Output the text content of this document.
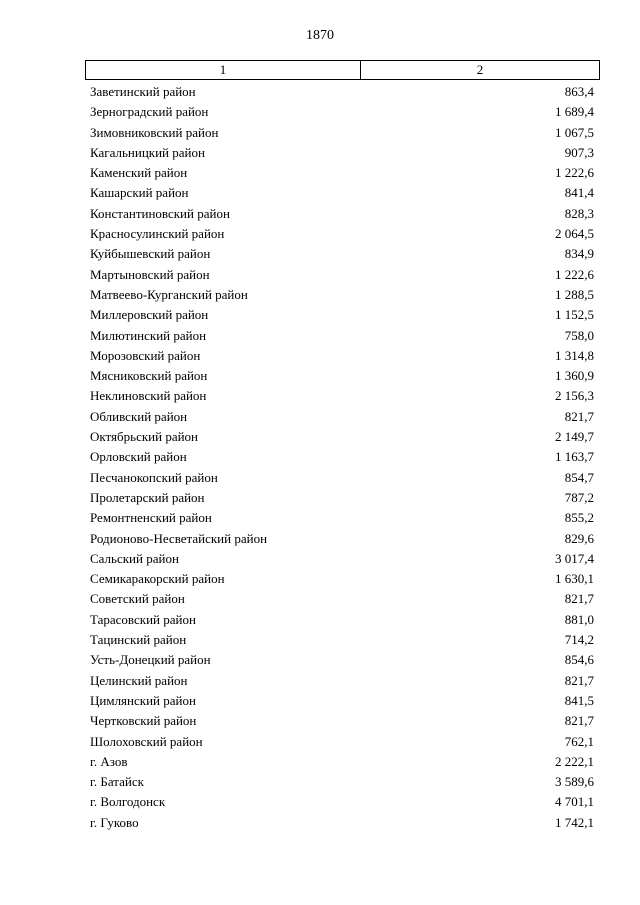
1870
1	2
Заветинский район	863,4
Зерноградский район	1 689,4
Зимовниковский район	1 067,5
Кагальницкий район	907,3
Каменский район	1 222,6
Кашарский район	841,4
Константиновский район	828,3
Красносулинский район	2 064,5
Куйбышевский район	834,9
Мартыновский район	1 222,6
Матвеево-Курганский район	1 288,5
Миллеровский район	1 152,5
Милютинский район	758,0
Морозовский район	1 314,8
Мясниковский район	1 360,9
Неклиновский район	2 156,3
Обливский район	821,7
Октябрьский район	2 149,7
Орловский район	1 163,7
Песчанокопский район	854,7
Пролетарский район	787,2
Ремонтненский район	855,2
Родионово-Несветайский район	829,6
Сальский район	3 017,4
Семикаракорский район	1 630,1
Советский район	821,7
Тарасовский район	881,0
Тацинский район	714,2
Усть-Донецкий район	854,6
Целинский район	821,7
Цимлянский район	841,5
Чертковский район	821,7
Шолоховский район	762,1
г. Азов	2 222,1
г. Батайск	3 589,6
г. Волгодонск	4 701,1
г. Гуково	1 742,1
